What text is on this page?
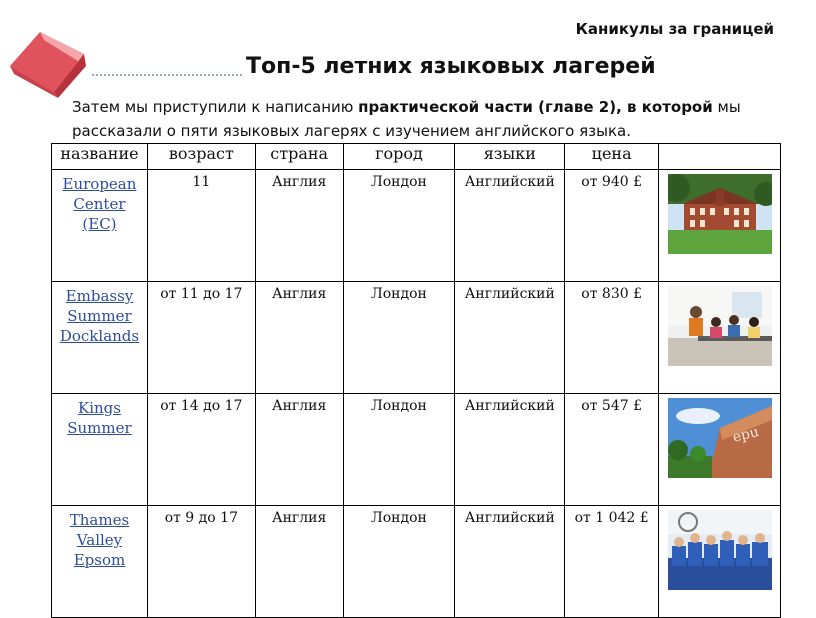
Каникулы за границей
Топ-5 летних языковых лагерей
Затем мы приступили к написанию практической части (главе 2), в которой мы рассказали о пяти языковых лагерях с изучением английского языка.
название	возраст	страна	город	языки	цена	
European Center (EC)	11	Англия	Лондон	Английский	от 940 £	

Embassy Summer Docklands	от 11 до 17	Англия	Лондон	Английский	от 830 £	

Kings Summer	от 14 до 17	Англия	Лондон	Английский	от 547 £	epu

Thames Valley Epsom	от 9 до 17	Англия	Лондон	Английский	от 1 042 £	
